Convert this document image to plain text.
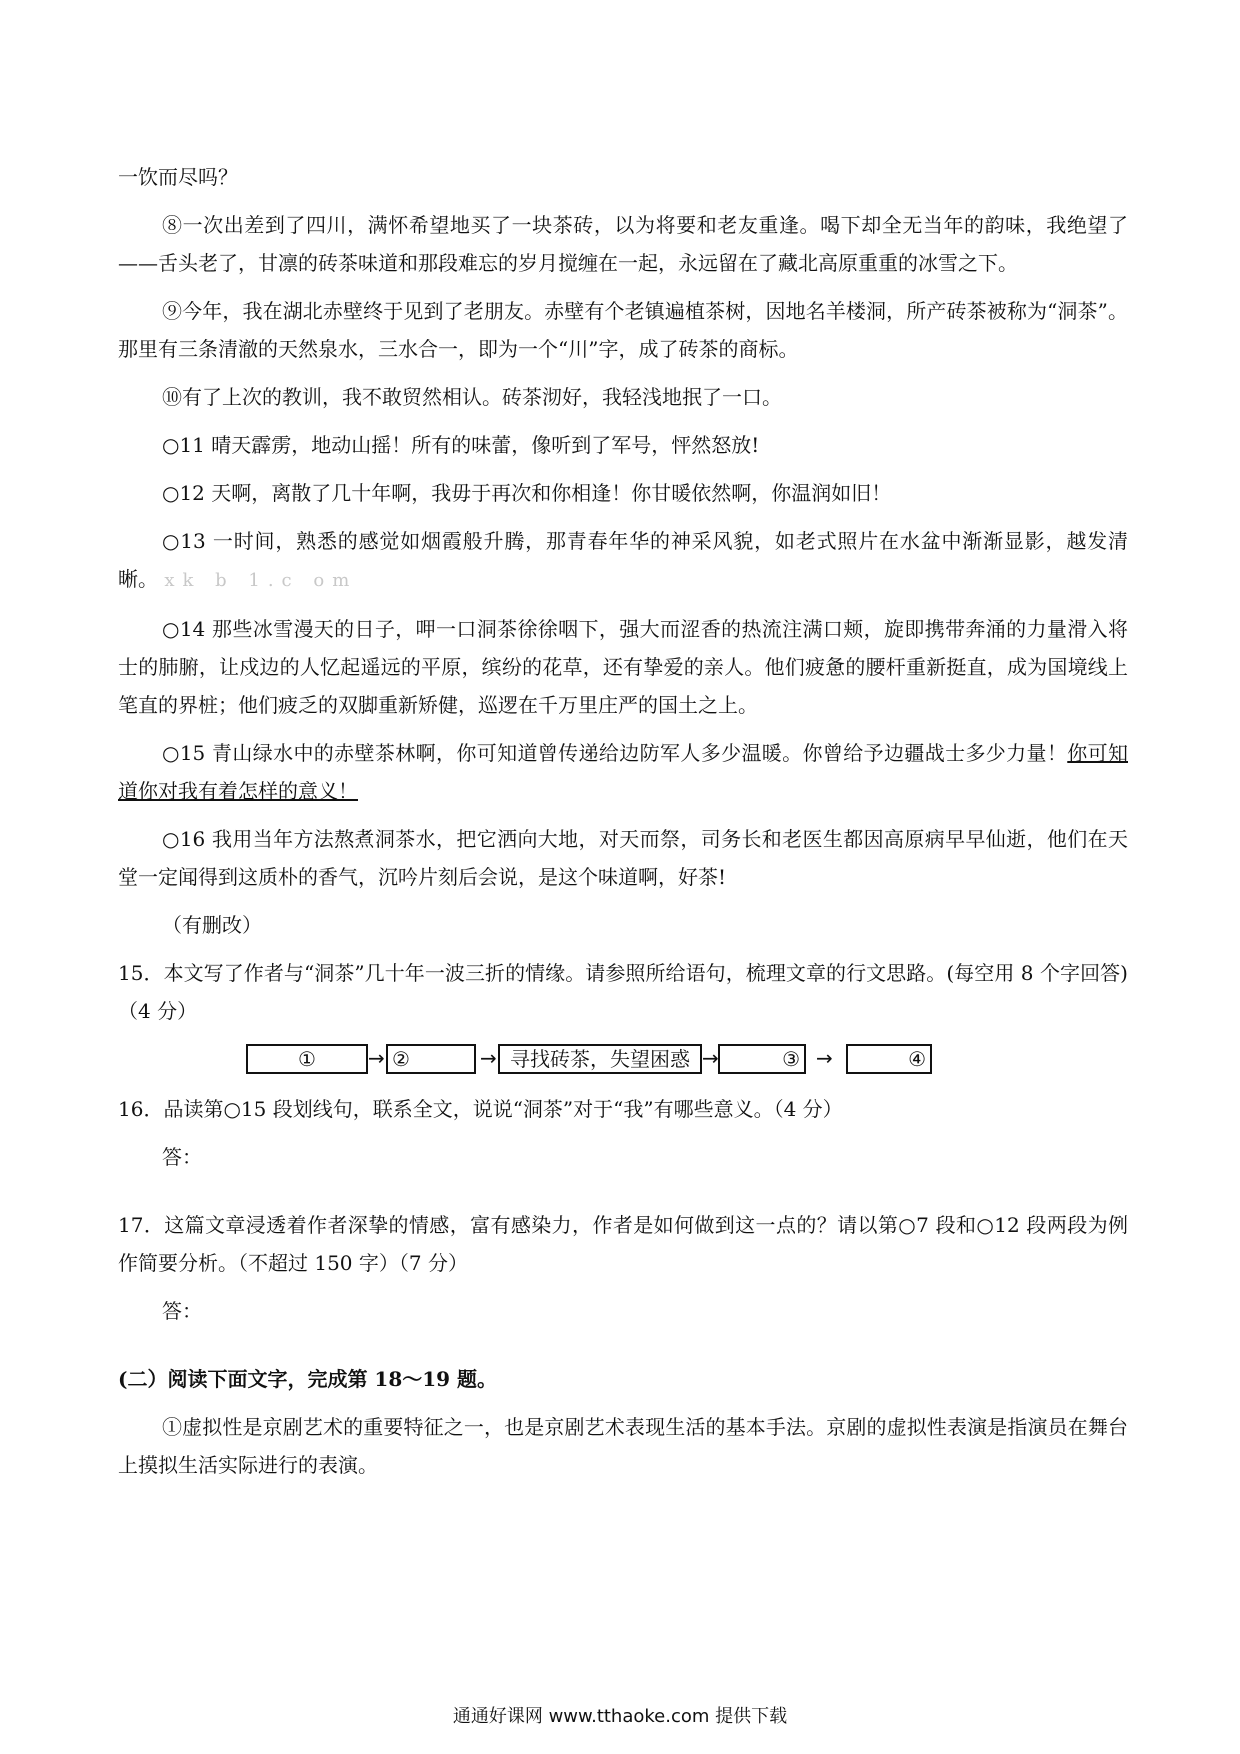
一饮而尽吗？

⑧一次出差到了四川，满怀希望地买了一块茶砖，以为将要和老友重逢。喝下却全无当年的韵味，我绝望了——舌头老了，甘凛的砖茶味道和那段难忘的岁月搅缠在一起，永远留在了藏北高原重重的冰雪之下。

⑨今年，我在湖北赤壁终于见到了老朋友。赤壁有个老镇遍植茶树，因地名羊楼洞，所产砖茶被称为“洞茶”。那里有三条清澈的天然泉水，三水合一，即为一个“川”字，成了砖茶的商标。

⑩有了上次的教训，我不敢贸然相认。砖茶沏好，我轻浅地抿了一口。

○11 晴天霹雳，地动山摇！所有的味蕾，像听到了军号，怦然怒放!

○12 天啊，离散了几十年啊，我毋于再次和你相逢！你甘暖依然啊，你温润如旧！

○13 一时间，熟悉的感觉如烟霞般升腾，那青春年华的神采风貌，如老式照片在水盆中渐渐显影，越发清晰。 xk b 1.c om

○14 那些冰雪漫天的日子，呷一口洞茶徐徐咽下，强大而涩香的热流注满口颊，旋即携带奔涌的力量滑入将士的肺腑，让戍边的人忆起遥远的平原，缤纷的花草，还有挚爱的亲人。他们疲惫的腰杆重新挺直，成为国境线上笔直的界桩；他们疲乏的双脚重新矫健，巡逻在千万里庄严的国土之上。

○15 青山绿水中的赤壁茶林啊，你可知道曾传递给边防军人多少温暖。你曾给予边疆战士多少力量！你可知道你对我有着怎样的意义！

○16 我用当年方法熬煮洞茶水，把它洒向大地，对天而祭，司务长和老医生都因高原病早早仙逝，他们在天堂一定闻得到这质朴的香气，沉吟片刻后会说，是这个味道啊，好茶!

（有删改）

15．本文写了作者与“洞茶”几十年一波三折的情缘。请参照所给语句，梳理文章的行文思路。(每空用 8 个字回答)（4 分）

①	→ ②	→ 寻找砖茶，失望困惑 →	③ →	④

16．品读第○15 段划线句，联系全文，说说“洞茶”对于“我”有哪些意义。（4 分）

答：

17．这篇文章浸透着作者深挚的情感，富有感染力，作者是如何做到这一点的？请以第○7 段和○12 段两段为例作简要分析。（不超过 150 字）（7 分）

答：

(二）阅读下面文字，完成第 18～19 题。

①虚拟性是京剧艺术的重要特征之一，也是京剧艺术表现生活的基本手法。京剧的虚拟性表演是指演员在舞台上摸拟生活实际进行的表演。

通通好课网 www.tthaoke.com 提供下载
